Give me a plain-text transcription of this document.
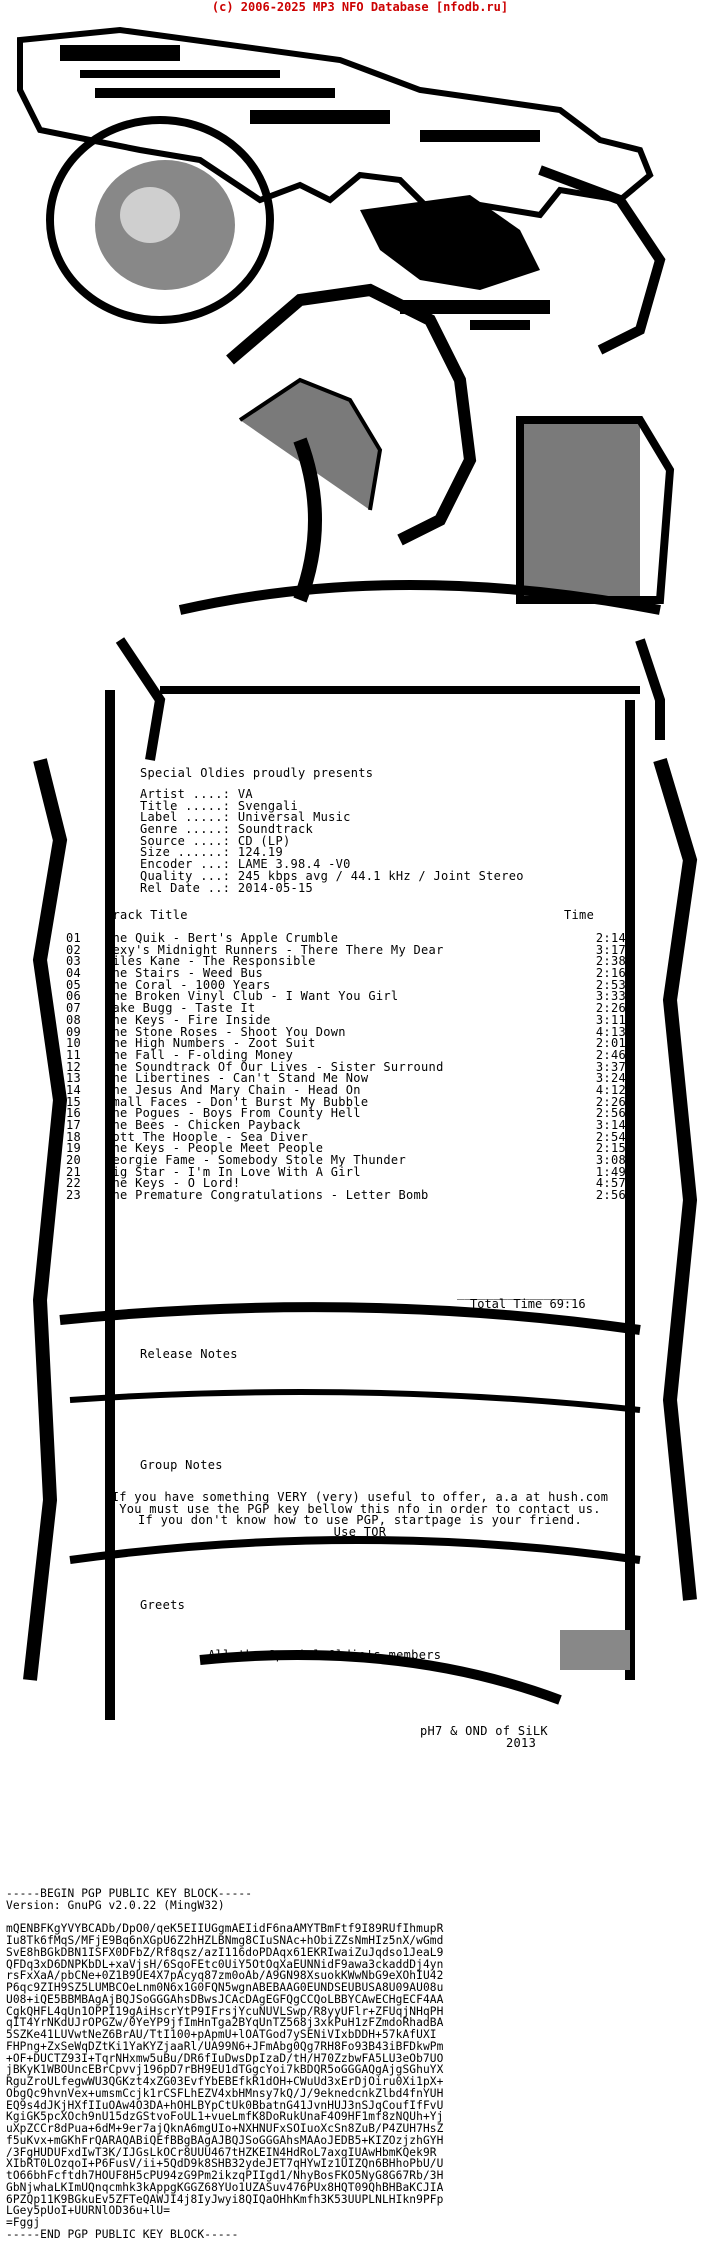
(c) 2006-2025 MP3 NFO Database [nfodb.ru]
Special Oldies proudly presents
Artist ....: VA
Title .....: Svengali
Label .....: Universal Music
Genre .....: Soundtrack
Source ....: CD (LP)
Size ......: 124.19
Encoder ...: LAME 3.98.4 -V0
Quality ...: 245 kbps avg / 44.1 kHz / Joint Stereo
Rel Date ..: 2014-05-15
Track Title	Time
01 The Quik - Bert's Apple Crumble	2:14
02 Dexy's Midnight Runners - There There My Dear	3:17
03 Miles Kane - The Responsible	2:38
04 The Stairs - Weed Bus	2:16
05 The Coral - 1000 Years	2:53
06 The Broken Vinyl Club - I Want You Girl	3:33
07 Jake Bugg - Taste It	2:26
08 The Keys - Fire Inside	3:11
09 The Stone Roses - Shoot You Down	4:13
10 The High Numbers - Zoot Suit	2:01
11 The Fall - F-olding Money	2:46
12 The Soundtrack Of Our Lives - Sister Surround	3:37
13 The Libertines - Can't Stand Me Now	3:24
14 The Jesus And Mary Chain - Head On	4:12
15 Small Faces - Don't Burst My Bubble	2:26
16 The Pogues - Boys From County Hell	2:56
17 The Bees - Chicken Payback	3:14
18 Mott The Hoople - Sea Diver	2:54
19 The Keys - People Meet People	2:15
20 Georgie Fame - Somebody Stole My Thunder	3:08
21 Big Star - I'm In Love With A Girl	1:49
22 The Keys - O Lord!	4:57
23 The Premature Congratulations - Letter Bomb	2:56
________________
Total Time 69:16
Release Notes
Group Notes
If you have something VERY (very) useful to offer, a.a at hush.com
You must use the PGP key bellow this nfo in order to contact us.
If you don't know how to use PGP, startpage is your friend.
Use TOR
Greets
All the Special Oldie's members
pH7 & OND of SiLK
2013
-----BEGIN PGP PUBLIC KEY BLOCK-----
Version: GnuPG v2.0.22 (MingW32)
mQENBFKgYVYBCADb/DpO0/qeK5EIIUGgmAEIidF6naAMYTBmFtf9I89RUfIhmupR
Iu8Tk6fMqS/MFjE9Bq6nXGpU6Z2hHZLBNmg8CIuSNAc+hObiZZsNmHIz5nX/wGmd
SvE8hBGkDBN1ISFX0DFbZ/Rf8qsz/azI116doPDAqx61EKRIwaiZuJqdso1JeaL9
QFDq3xD6DNPKbDL+xaVjsH/6SqoFEtc0UiY5OtOqXaEUNNidF9awa3ckaddDj4yn
rsFxXaA/pbCNe+0Z1B9UE4X7pAcyq87zm0oAb/A9GN98XsuokKWwNbG9eXOhIU42
P6qc9ZIH9SZ5LUMBCOeLnm0N6x1G0FQN5wgnABEBAAG0EUNDSEUBUSA8U09AU08u
U08+iQE5BBMBAgAjBQJSoGGGAhsDBwsJCAcDAgEGFQgCCQoLBBYCAwECHgECF4AA
CgkQHFL4qUn1OPPI19gAiHscrYtP9IFrsjYcuNUVLSwp/R8yyUFlr+ZFUqjNHqPH
qIT4YrNKdUJrOPGZw/0YeYP9jfImHnTga2BYqUnTZ568j3xkPuH1zFZmdoRhadBA
5SZKe41LUVwtNeZ6BrAU/TtI100+pApmU+lOATGod7ySENiVIxbDDH+57kAfUXI
FHPng+ZxSeWqDZtKi1YaKYZjaaRl/UA99N6+JFmAbg0Qg7RH8Fo93B43iBFDkwPm
+OF+DUCTZ93I+TqrNHxmw5uBu/DR6fIuDwsDpIzaD/tH/H70ZzbwFA5LU3eOb7UO
jBKyK1WBOUncEBrCpvvj196pD7rBH9EU1dTGgcYoi7kBDQR5oGGGAQgAjgSGhuYX
RguZroULfegwWU3QGKzt4xZG03EvfYbEBEfkR1dOH+CWuUd3xErDjOiru0Xi1pX+
ObgQc9hvnVex+umsmCcjk1rCSFLhEZV4xbHMnsy7kQ/J/9eknedcnkZlbd4fnYUH
EQ9s4dJKjHXfIIuOAw4O3DA+hOHLBYpCtUk0BbatnG41JvnHUJ3nSJqCoufIfFvU
KgiGK5pcXOch9nU15dzGStvoFoUL1+vueLmfK8DoRukUnaF4O9HF1mf8zNQUh+Yj
uXpZCCr8dPua+6dM+9er7ajQknA6mgUIo+NXHNUFxSOIuoXcSn8ZuB/P4ZUH7HsZ
f5uKvx+mGKhFrQARAQABiQEfBBgBAgAJBQJSoGGGAhsMAAoJEDB5+KIZOzjzhGYH
/3FgHUDUFxdIwT3K/IJGsLkOCr8UUU467tHZKEIN4HdRoL7axgIUAwHbmKQek9R
XIbRT0LOzqoI+P6FusV/ii+5QdD9k8SHB32ydeJET7qHYwIz1UIZQn6BHhoPbU/U
tO66bhFcftdh7HOUF8H5cPU94zG9Pm2ikzqPIIgd1/NhyBosFKO5NyG8G67Rb/3H
GbNjwhaLKImUQnqcmhk3kAppgKGGZ68YUo1UZASuv476PUx8HQT09QhBHBaKCJIA
6PZQp11K9BGkuEv5ZFTeQAWJI4j8IyJwyi8QIQaOHhKmfh3K53UUPLNLHIkn9PFp
LGey5pUoI+UURNlOD36u+lU=
=Fggj
-----END PGP PUBLIC KEY BLOCK-----
